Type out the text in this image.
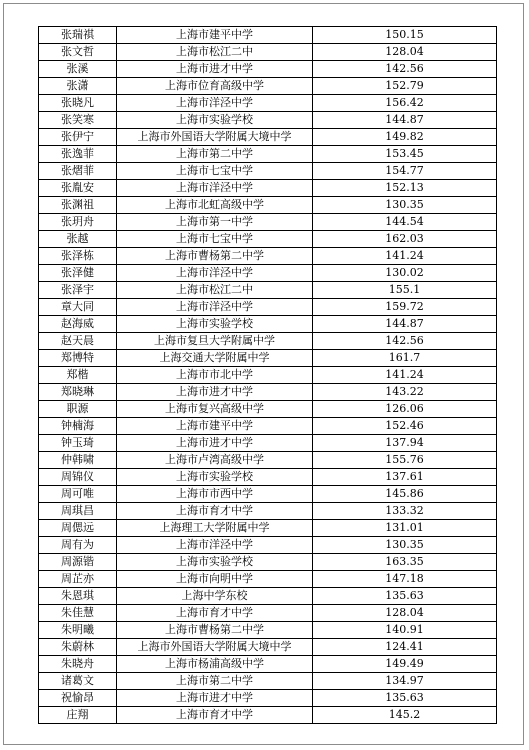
张瑞祺	上海市建平中学	150.15
张文哲	上海市松江二中	128.04
张溪	上海市进才中学	142.56
张潇	上海市位育高级中学	152.79
张晓凡	上海市洋泾中学	156.42
张笑寒	上海市实验学校	144.87
张伊宁	上海市外国语大学附属大境中学	149.82
张逸菲	上海市第二中学	153.45
张熠菲	上海市七宝中学	154.77
张胤安	上海市洋泾中学	152.13
张渊祖	上海市北虹高级中学	130.35
张玥舟	上海市第一中学	144.54
张越	上海市七宝中学	162.03
张泽栋	上海市曹杨第二中学	141.24
张泽健	上海市洋泾中学	130.02
张泽宇	上海市松江二中	155.1
章大同	上海市洋泾中学	159.72
赵海威	上海市实验学校	144.87
赵天晨	上海市复旦大学附属中学	142.56
郑博特	上海交通大学附属中学	161.7
郑楷	上海市市北中学	141.24
郑晓琳	上海市进才中学	143.22
职源	上海市复兴高级中学	126.06
钟楠海	上海市建平中学	152.46
钟玉琦	上海市进才中学	137.94
仲韩啸	上海市卢湾高级中学	155.76
周锦仪	上海市实验学校	137.61
周可唯	上海市市西中学	145.86
周琪昌	上海市育才中学	133.32
周偲远	上海理工大学附属中学	131.01
周有为	上海市洋泾中学	130.35
周源锴	上海市实验学校	163.35
周芷亦	上海市向明中学	147.18
朱恩琪	上海中学东校	135.63
朱佳慧	上海市育才中学	128.04
朱明曦	上海市曹杨第二中学	140.91
朱蔚林	上海市外国语大学附属大境中学	124.41
朱晓舟	上海市杨浦高级中学	149.49
诸葛文	上海市第二中学	134.97
祝愉昂	上海市进才中学	135.63
庄翔	上海市育才中学	145.2
